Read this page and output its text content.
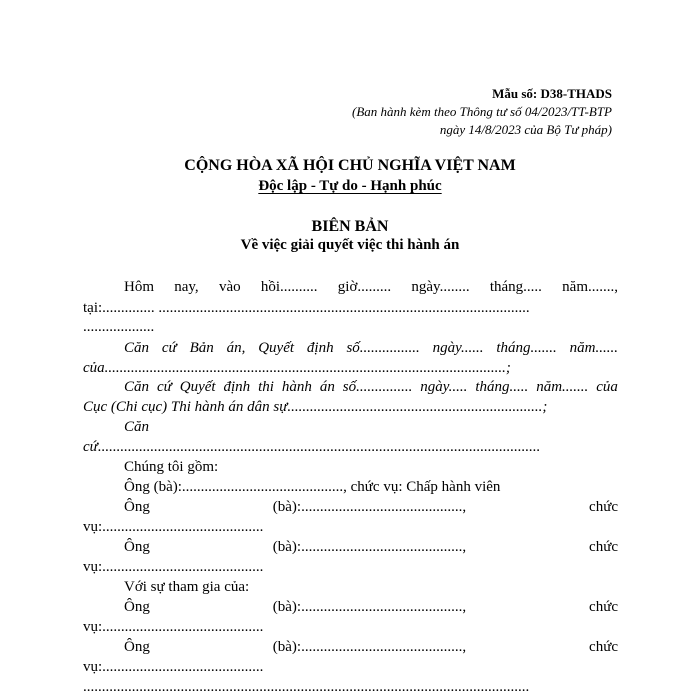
Mẫu số: D38-THADS
(Ban hành kèm theo Thông tư số 04/2023/TT-BTP
ngày 14/8/2023 của Bộ Tư pháp)
CỘNG HÒA XÃ HỘI CHỦ NGHĨA VIỆT NAM
Độc lập - Tự do - Hạnh phúc
BIÊN BẢN
Về việc giải quyết việc thi hành án
Hôm nay, vào hồi.......... giờ......... ngày........ tháng..... năm.......,
tại:.............. ...................................................................................................
...................
Căn cứ Bản án, Quyết định số................ ngày...... tháng....... năm......
của...........................................................................................................;
Căn cứ Quyết định thi hành án số............... ngày..... tháng..... năm....... của
Cục (Chi cục) Thi hành án dân sự....................................................................;
Căn
cứ......................................................................................................................
Chúng tôi gồm:
Ông (bà):..........................................., chức vụ: Chấp hành viên
Ông	(bà):...........................................,	chức
vụ:...........................................
Ông	(bà):...........................................,	chức
vụ:...........................................
Với sự tham gia của:
Ông	(bà):...........................................,	chức
vụ:...........................................
Ông	(bà):...........................................,	chức
vụ:...........................................
.......................................................................................................................
